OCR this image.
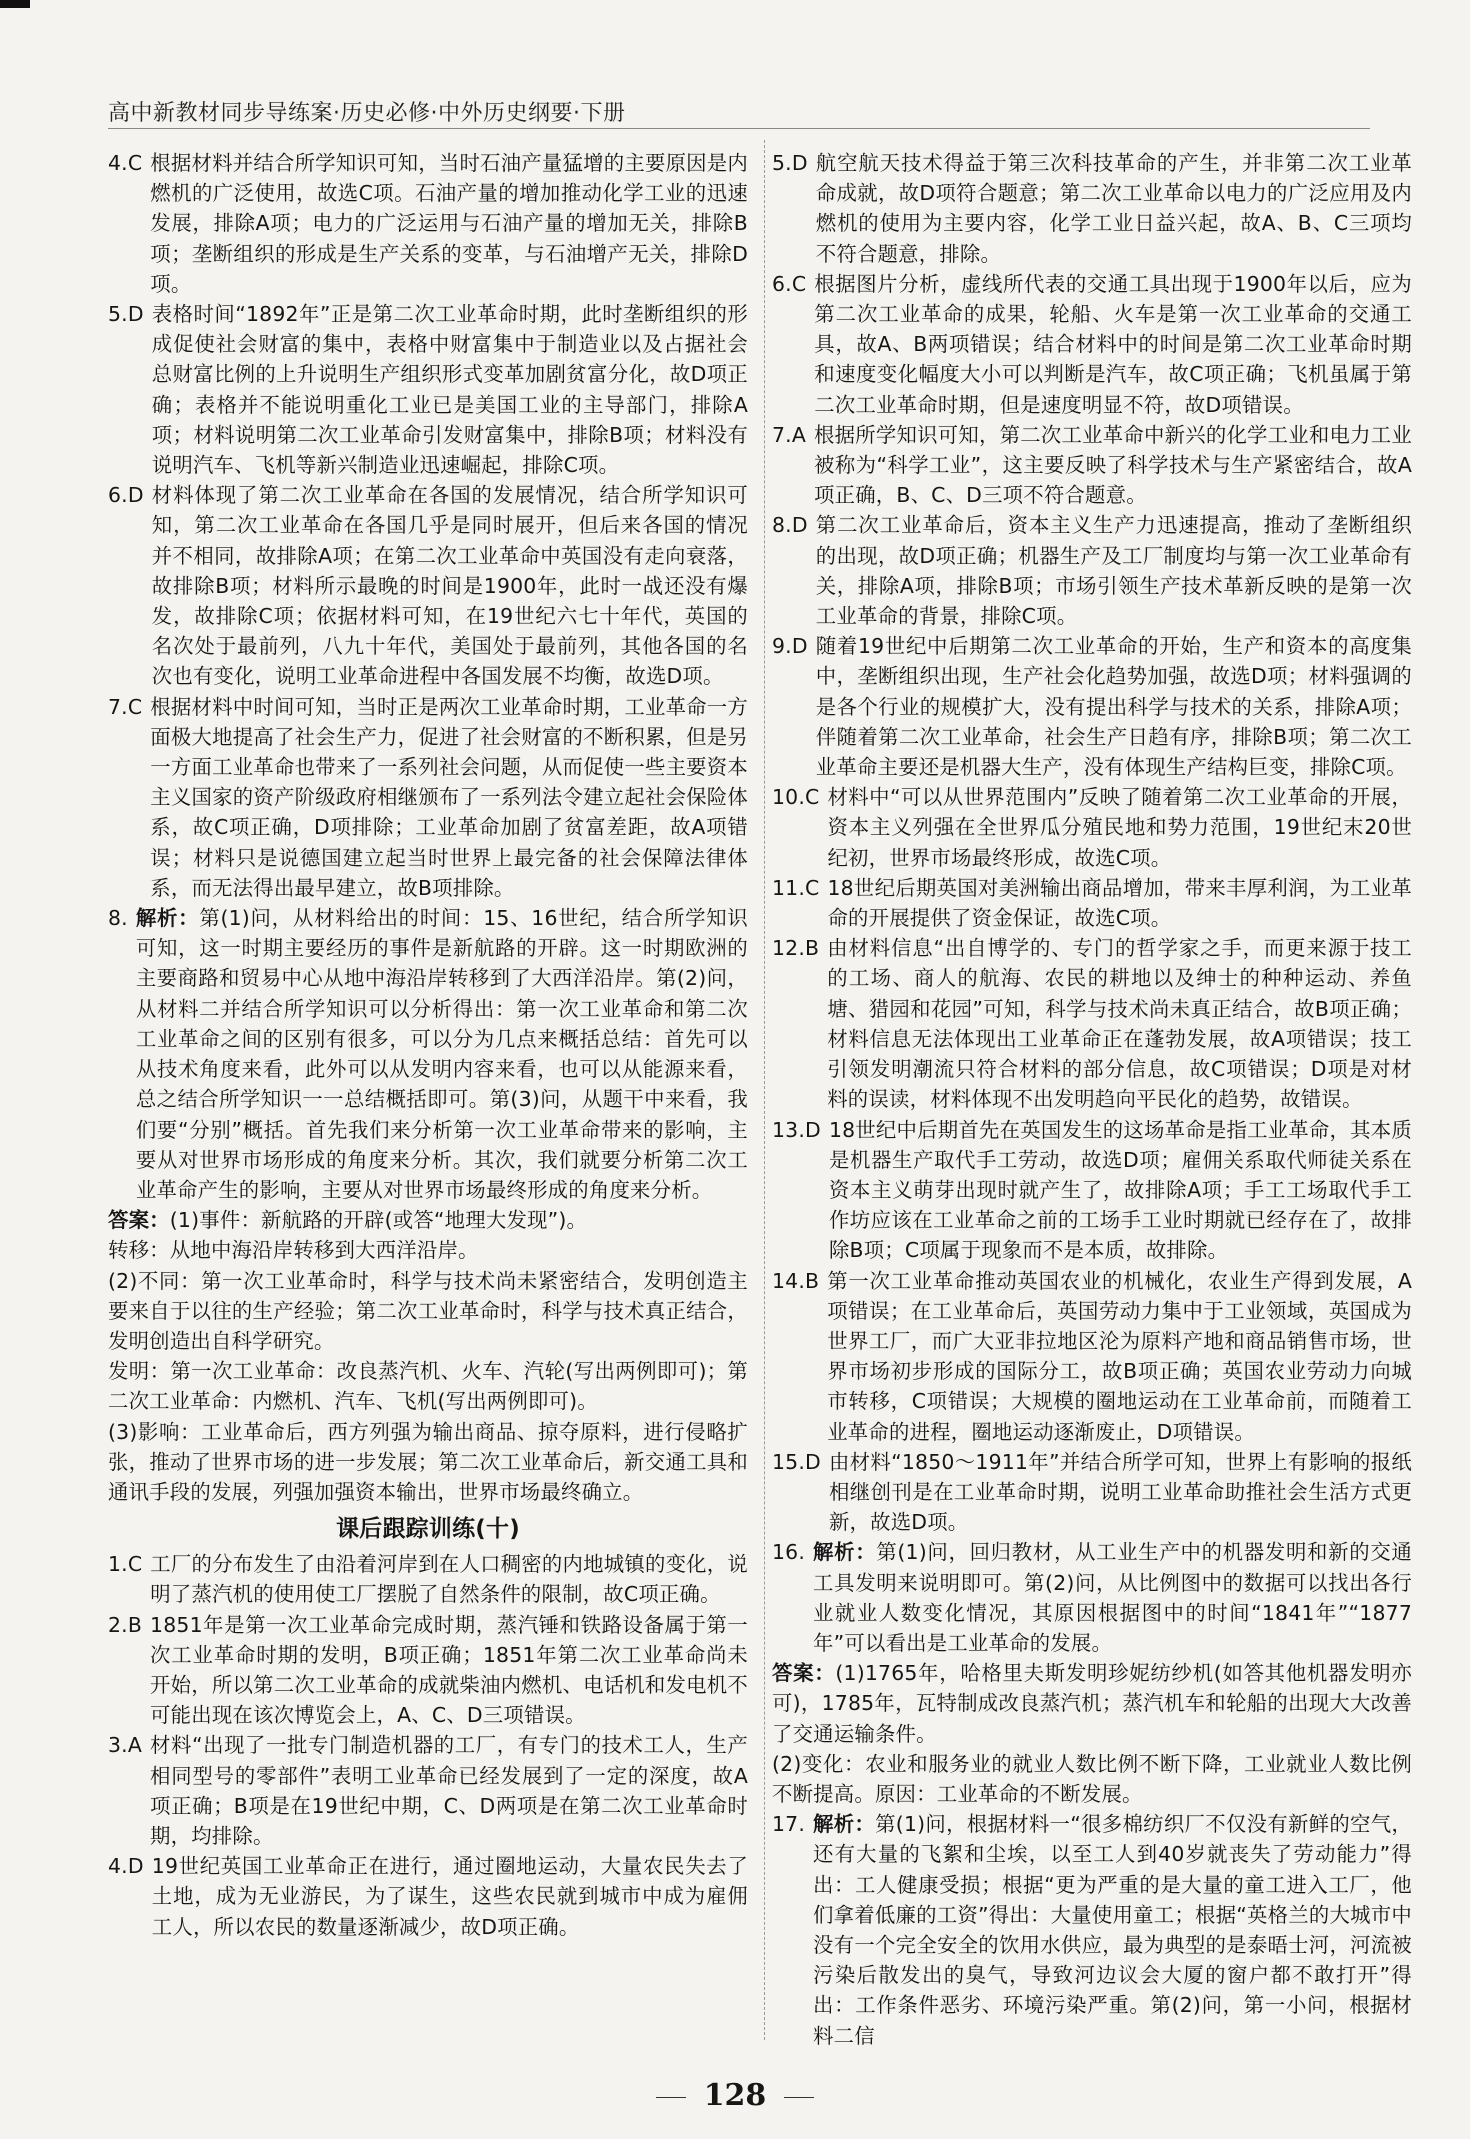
高中新教材同步导练案·历史必修·中外历史纲要·下册
4.C 根据材料并结合所学知识可知，当时石油产量猛增的主要原因是内燃机的广泛使用，故选C项。石油产量的增加推动化学工业的迅速发展，排除A项；电力的广泛运用与石油产量的增加无关，排除B项；垄断组织的形成是生产关系的变革，与石油增产无关，排除D项。
5.D 表格时间“1892年”正是第二次工业革命时期，此时垄断组织的形成促使社会财富的集中，表格中财富集中于制造业以及占据社会总财富比例的上升说明生产组织形式变革加剧贫富分化，故D项正确；表格并不能说明重化工业已是美国工业的主导部门，排除A项；材料说明第二次工业革命引发财富集中，排除B项；材料没有说明汽车、飞机等新兴制造业迅速崛起，排除C项。
6.D 材料体现了第二次工业革命在各国的发展情况，结合所学知识可知，第二次工业革命在各国几乎是同时展开，但后来各国的情况并不相同，故排除A项；在第二次工业革命中英国没有走向衰落，故排除B项；材料所示最晚的时间是1900年，此时一战还没有爆发，故排除C项；依据材料可知，在19世纪六七十年代，英国的名次处于最前列，八九十年代，美国处于最前列，其他各国的名次也有变化，说明工业革命进程中各国发展不均衡，故选D项。
7.C 根据材料中时间可知，当时正是两次工业革命时期，工业革命一方面极大地提高了社会生产力，促进了社会财富的不断积累，但是另一方面工业革命也带来了一系列社会问题，从而促使一些主要资本主义国家的资产阶级政府相继颁布了一系列法令建立起社会保险体系，故C项正确，D项排除；工业革命加剧了贫富差距，故A项错误；材料只是说德国建立起当时世界上最完备的社会保障法律体系，而无法得出最早建立，故B项排除。
8. 解析：第(1)问，从材料给出的时间：15、16世纪，结合所学知识可知，这一时期主要经历的事件是新航路的开辟。这一时期欧洲的主要商路和贸易中心从地中海沿岸转移到了大西洋沿岸。第(2)问，从材料二并结合所学知识可以分析得出：第一次工业革命和第二次工业革命之间的区别有很多，可以分为几点来概括总结：首先可以从技术角度来看，此外可以从发明内容来看，也可以从能源来看，总之结合所学知识一一总结概括即可。第(3)问，从题干中来看，我们要“分别”概括。首先我们来分析第一次工业革命带来的影响，主要从对世界市场形成的角度来分析。其次，我们就要分析第二次工业革命产生的影响，主要从对世界市场最终形成的角度来分析。
答案：(1)事件：新航路的开辟(或答“地理大发现”)。
转移：从地中海沿岸转移到大西洋沿岸。
(2)不同：第一次工业革命时，科学与技术尚未紧密结合，发明创造主要来自于以往的生产经验；第二次工业革命时，科学与技术真正结合，发明创造出自科学研究。
发明：第一次工业革命：改良蒸汽机、火车、汽轮(写出两例即可)；第二次工业革命：内燃机、汽车、飞机(写出两例即可)。
(3)影响：工业革命后，西方列强为输出商品、掠夺原料，进行侵略扩张，推动了世界市场的进一步发展；第二次工业革命后，新交通工具和通讯手段的发展，列强加强资本输出，世界市场最终确立。
课后跟踪训练(十)
1.C 工厂的分布发生了由沿着河岸到在人口稠密的内地城镇的变化，说明了蒸汽机的使用使工厂摆脱了自然条件的限制，故C项正确。
2.B 1851年是第一次工业革命完成时期，蒸汽锤和铁路设备属于第一次工业革命时期的发明，B项正确；1851年第二次工业革命尚未开始，所以第二次工业革命的成就柴油内燃机、电话机和发电机不可能出现在该次博览会上，A、C、D三项错误。
3.A 材料“出现了一批专门制造机器的工厂，有专门的技术工人，生产相同型号的零部件”表明工业革命已经发展到了一定的深度，故A项正确；B项是在19世纪中期，C、D两项是在第二次工业革命时期，均排除。
4.D 19世纪英国工业革命正在进行，通过圈地运动，大量农民失去了土地，成为无业游民，为了谋生，这些农民就到城市中成为雇佣工人，所以农民的数量逐渐减少，故D项正确。
5.D 航空航天技术得益于第三次科技革命的产生，并非第二次工业革命成就，故D项符合题意；第二次工业革命以电力的广泛应用及内燃机的使用为主要内容，化学工业日益兴起，故A、B、C三项均不符合题意，排除。
6.C 根据图片分析，虚线所代表的交通工具出现于1900年以后，应为第二次工业革命的成果，轮船、火车是第一次工业革命的交通工具，故A、B两项错误；结合材料中的时间是第二次工业革命时期和速度变化幅度大小可以判断是汽车，故C项正确；飞机虽属于第二次工业革命时期，但是速度明显不符，故D项错误。
7.A 根据所学知识可知，第二次工业革命中新兴的化学工业和电力工业被称为“科学工业”，这主要反映了科学技术与生产紧密结合，故A项正确，B、C、D三项不符合题意。
8.D 第二次工业革命后，资本主义生产力迅速提高，推动了垄断组织的出现，故D项正确；机器生产及工厂制度均与第一次工业革命有关，排除A项，排除B项；市场引领生产技术革新反映的是第一次工业革命的背景，排除C项。
9.D 随着19世纪中后期第二次工业革命的开始，生产和资本的高度集中，垄断组织出现，生产社会化趋势加强，故选D项；材料强调的是各个行业的规模扩大，没有提出科学与技术的关系，排除A项；伴随着第二次工业革命，社会生产日趋有序，排除B项；第二次工业革命主要还是机器大生产，没有体现生产结构巨变，排除C项。
10.C 材料中“可以从世界范围内”反映了随着第二次工业革命的开展，资本主义列强在全世界瓜分殖民地和势力范围，19世纪末20世纪初，世界市场最终形成，故选C项。
11.C 18世纪后期英国对美洲输出商品增加，带来丰厚利润，为工业革命的开展提供了资金保证，故选C项。
12.B 由材料信息“出自博学的、专门的哲学家之手，而更来源于技工的工场、商人的航海、农民的耕地以及绅士的种种运动、养鱼塘、猎园和花园”可知，科学与技术尚未真正结合，故B项正确；材料信息无法体现出工业革命正在蓬勃发展，故A项错误；技工引领发明潮流只符合材料的部分信息，故C项错误；D项是对材料的误读，材料体现不出发明趋向平民化的趋势，故错误。
13.D 18世纪中后期首先在英国发生的这场革命是指工业革命，其本质是机器生产取代手工劳动，故选D项；雇佣关系取代师徒关系在资本主义萌芽出现时就产生了，故排除A项；手工工场取代手工作坊应该在工业革命之前的工场手工业时期就已经存在了，故排除B项；C项属于现象而不是本质，故排除。
14.B 第一次工业革命推动英国农业的机械化，农业生产得到发展，A项错误；在工业革命后，英国劳动力集中于工业领域，英国成为世界工厂，而广大亚非拉地区沦为原料产地和商品销售市场，世界市场初步形成的国际分工，故B项正确；英国农业劳动力向城市转移，C项错误；大规模的圈地运动在工业革命前，而随着工业革命的进程，圈地运动逐渐废止，D项错误。
15.D 由材料“1850～1911年”并结合所学可知，世界上有影响的报纸相继创刊是在工业革命时期，说明工业革命助推社会生活方式更新，故选D项。
16. 解析：第(1)问，回归教材，从工业生产中的机器发明和新的交通工具发明来说明即可。第(2)问，从比例图中的数据可以找出各行业就业人数变化情况，其原因根据图中的时间“1841年”“1877年”可以看出是工业革命的发展。
答案：(1)1765年，哈格里夫斯发明珍妮纺纱机(如答其他机器发明亦可)，1785年，瓦特制成改良蒸汽机；蒸汽机车和轮船的出现大大改善了交通运输条件。
(2)变化：农业和服务业的就业人数比例不断下降，工业就业人数比例不断提高。原因：工业革命的不断发展。
17. 解析：第(1)问，根据材料一“很多棉纺织厂不仅没有新鲜的空气，还有大量的飞絮和尘埃，以至工人到40岁就丧失了劳动能力”得出：工人健康受损；根据“更为严重的是大量的童工进入工厂，他们拿着低廉的工资”得出：大量使用童工；根据“英格兰的大城市中没有一个完全安全的饮用水供应，最为典型的是泰晤士河，河流被污染后散发出的臭气，导致河边议会大厦的窗户都不敢打开”得出：工作条件恶劣、环境污染严重。第(2)问，第一小问，根据材料二信
128
